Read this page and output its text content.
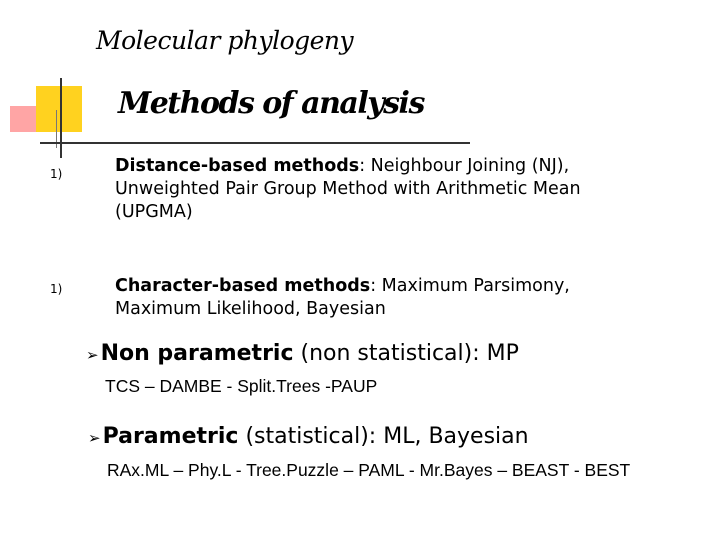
Molecular phylogeny
Methods of analysis
1)	Distance-based methods: Neighbour Joining (NJ), Unweighted Pair Group Method with Arithmetic Mean (UPGMA)
1)	Character-based methods: Maximum Parsimony, Maximum Likelihood, Bayesian
➢Non parametric (non statistical): MP
TCS – DAMBE - Split.Trees -PAUP
➢Parametric (statistical): ML, Bayesian
RAx.ML – Phy.L - Tree.Puzzle – PAML - Mr.Bayes – BEAST - BEST
